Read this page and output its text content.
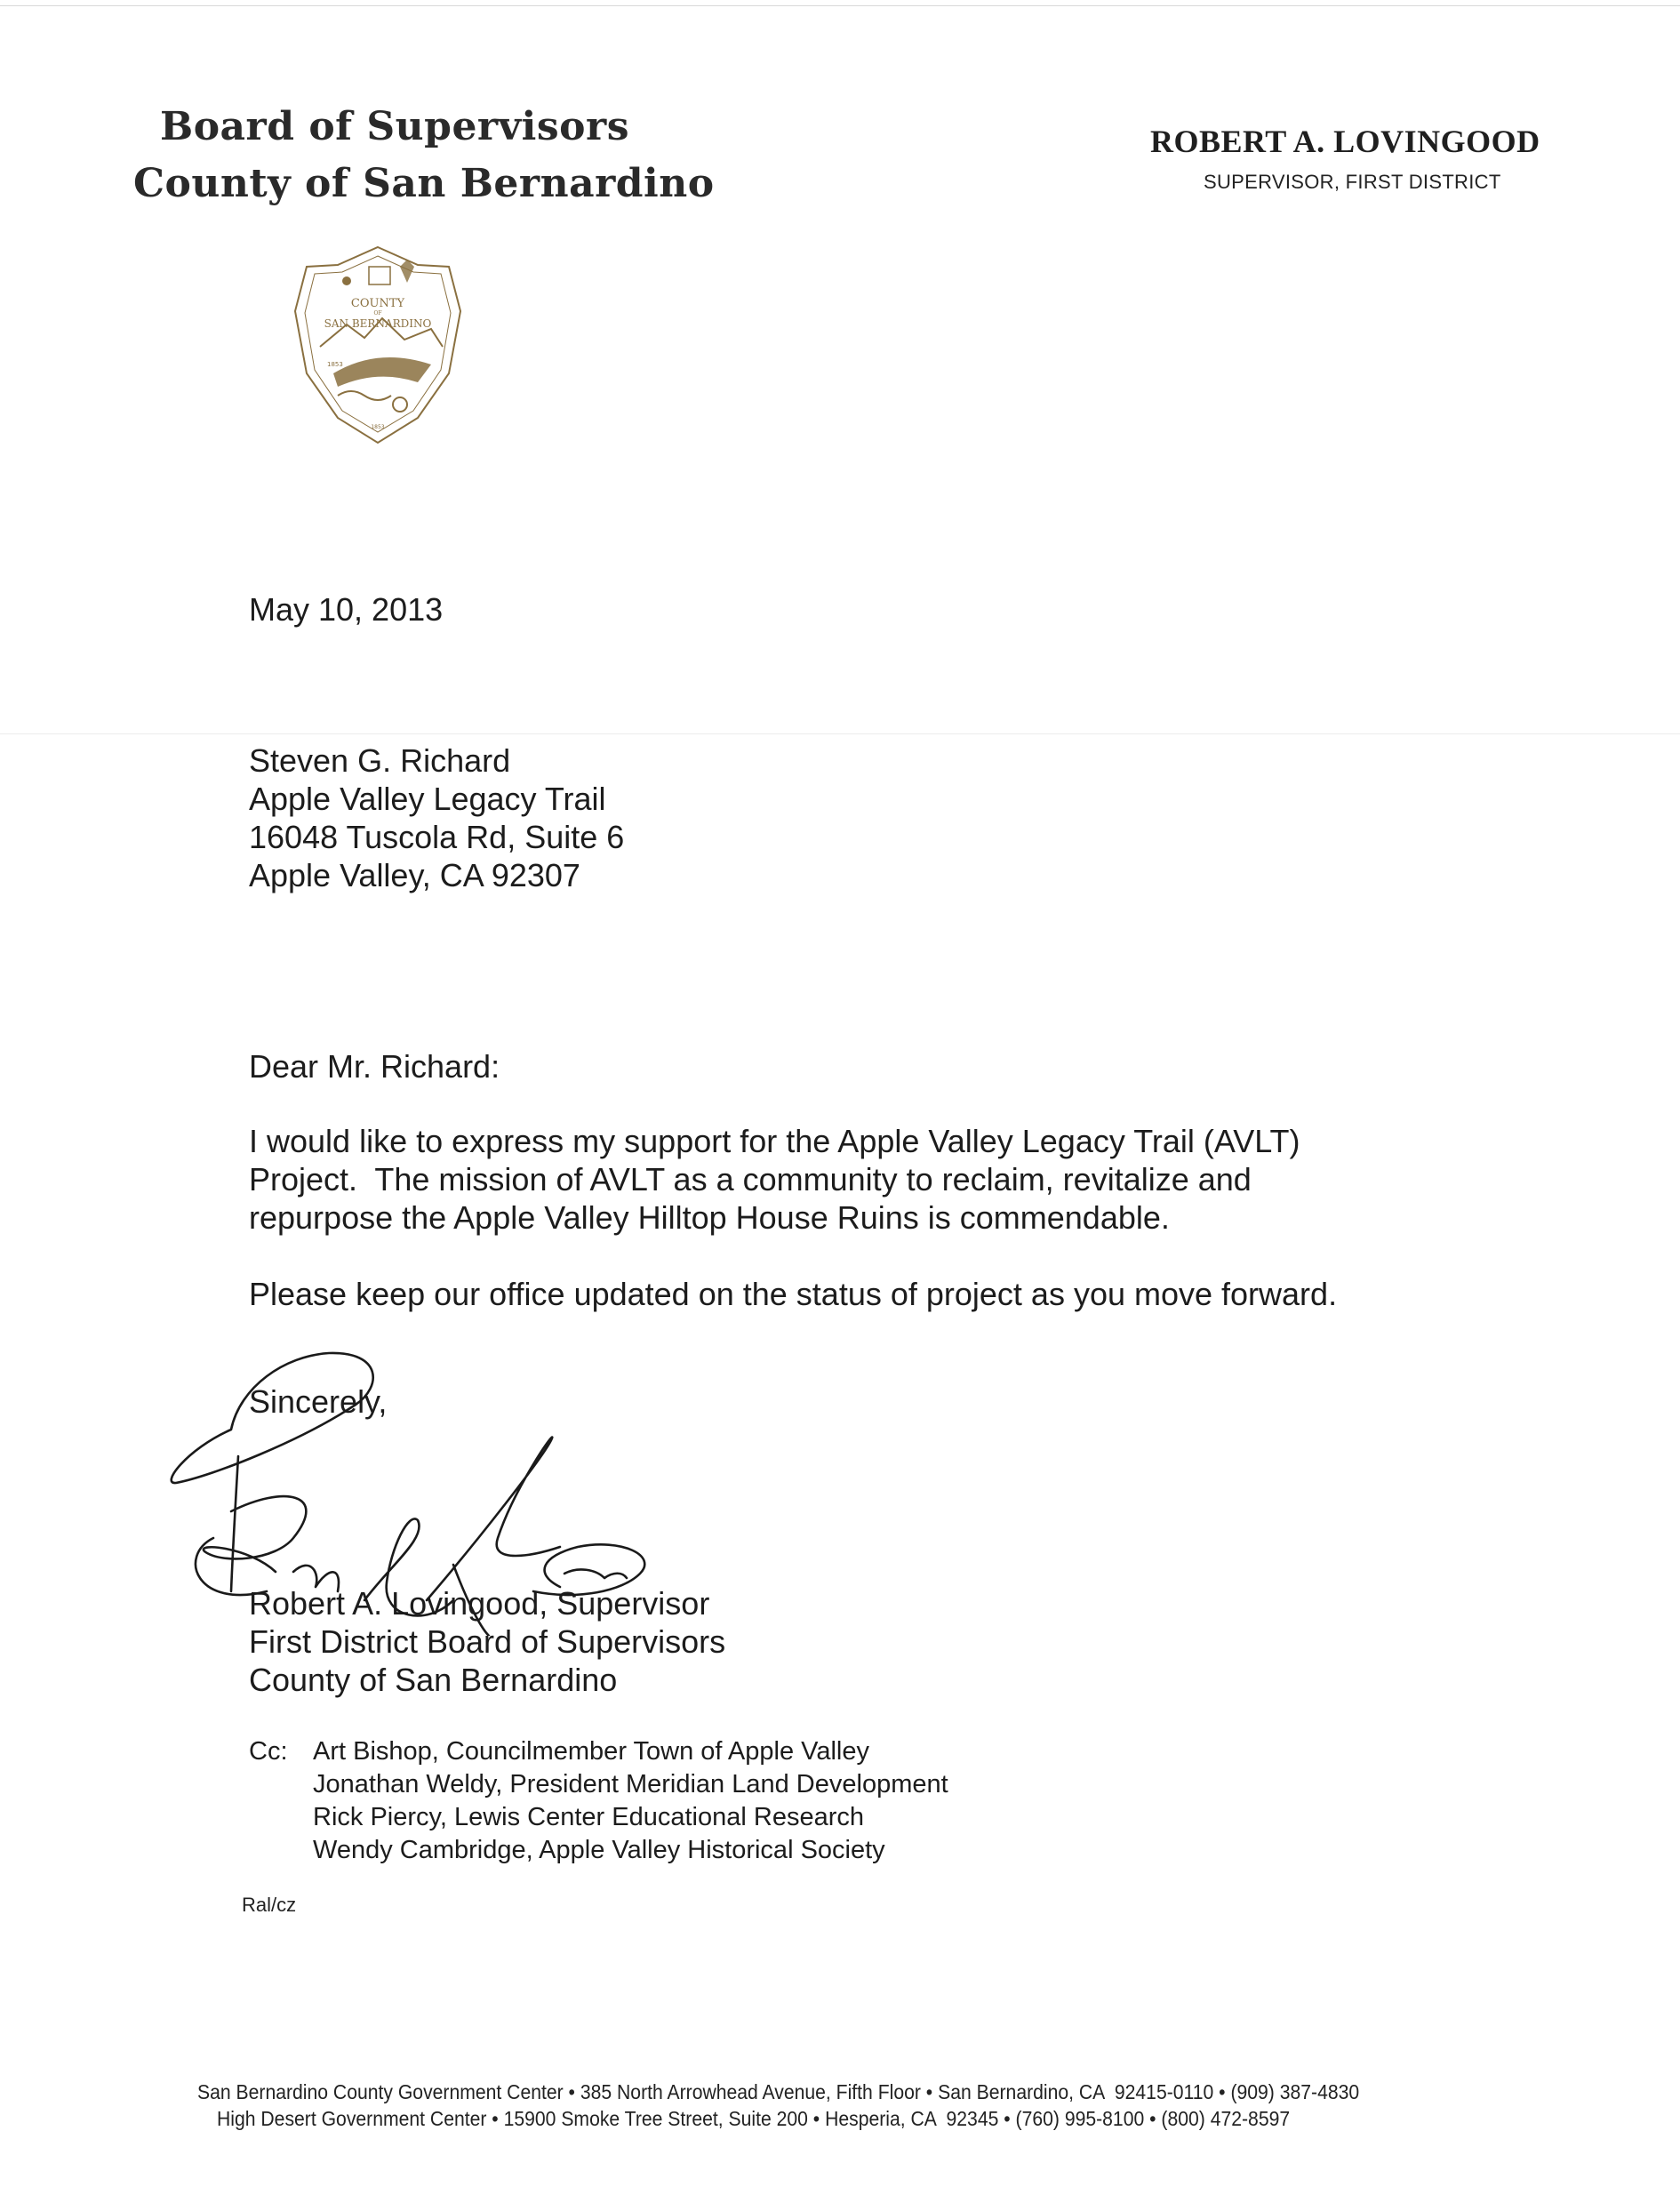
Board of Supervisors
County of San Bernardino
ROBERT A. LOVINGOOD
SUPERVISOR, FIRST DISTRICT
COUNTY
OF
SAN BERNARDINO
1853
1853
May 10, 2013
Steven G. Richard
Apple Valley Legacy Trail
16048 Tuscola Rd, Suite 6
Apple Valley, CA 92307
Dear Mr. Richard:
I would like to express my support for the Apple Valley Legacy Trail (AVLT)
Project.  The mission of AVLT as a community to reclaim, revitalize and
repurpose the Apple Valley Hilltop House Ruins is commendable.
Please keep our office updated on the status of project as you move forward.
Sincerely,
Robert A. Lovingood, Supervisor
First District Board of Supervisors
County of San Bernardino
Cc: Art Bishop, Councilmember Town of Apple Valley
Jonathan Weldy, President Meridian Land Development
Rick Piercy, Lewis Center Educational Research
Wendy Cambridge, Apple Valley Historical Society
Ral/cz
San Bernardino County Government Center • 385 North Arrowhead Avenue, Fifth Floor • San Bernardino, CA  92415-0110 • (909) 387-4830
High Desert Government Center • 15900 Smoke Tree Street, Suite 200 • Hesperia, CA  92345 • (760) 995-8100 • (800) 472-8597
